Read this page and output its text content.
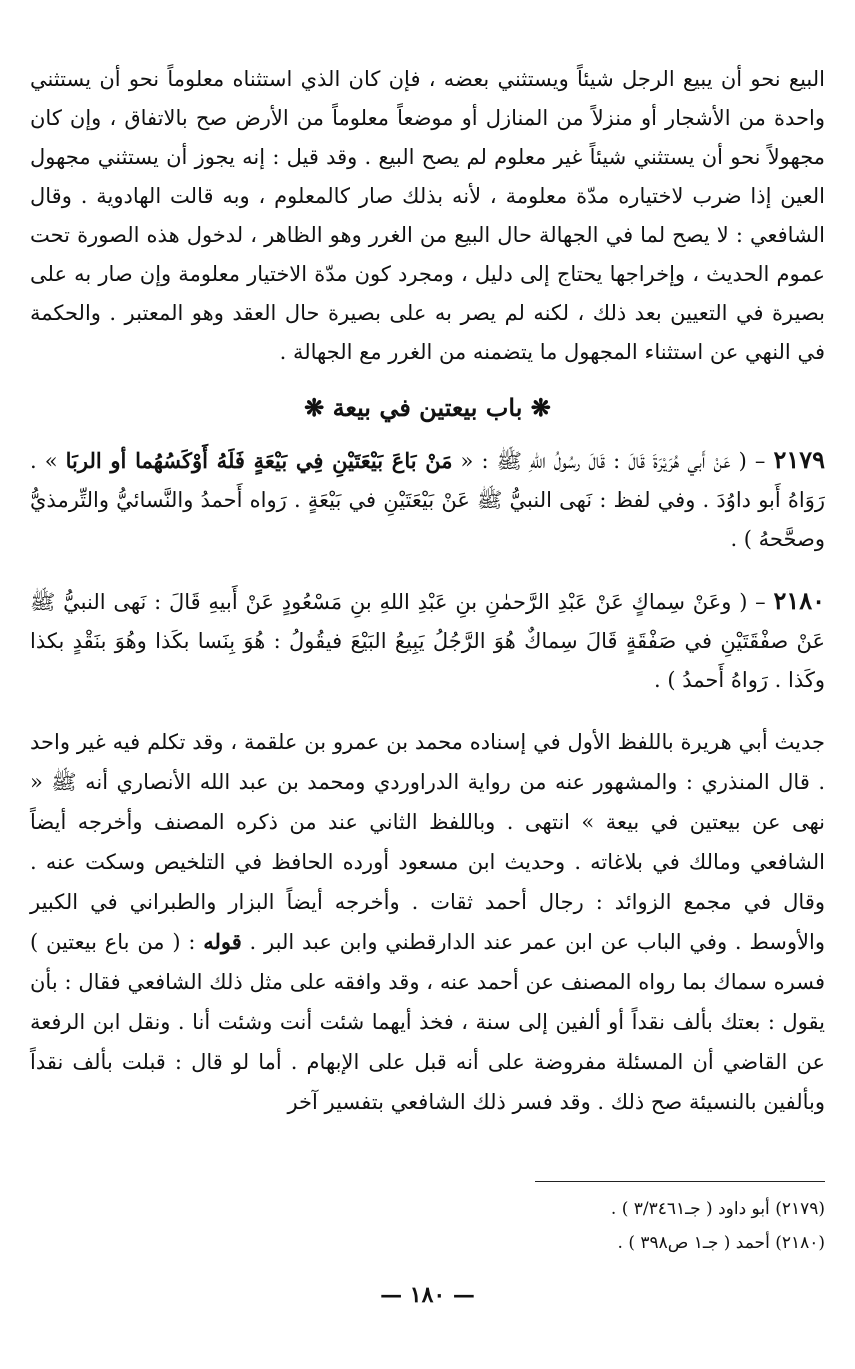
البيع نحو أن يبيع الرجل شيئاً ويستثني بعضه ، فإن كان الذي استثناه معلوماً نحو أن يستثني واحدة من الأشجار أو منزلاً من المنازل أو موضعاً معلوماً من الأرض صح بالاتفاق ، وإن كان مجهولاً نحو أن يستثني شيئاً غير معلوم لم يصح البيع . وقد قيل : إنه يجوز أن يستثني مجهول العين إذا ضرب لاختياره مدّة معلومة ، لأنه بذلك صار كالمعلوم ، وبه قالت الهادوية . وقال الشافعي : لا يصح لما في الجهالة حال البيع من الغرر وهو الظاهر ، لدخول هذه الصورة تحت عموم الحديث ، وإخراجها يحتاج إلى دليل ، ومجرد كون مدّة الاختيار معلومة وإن صار به على بصيرة في التعيين بعد ذلك ، لكنه لم يصر به على بصيرة حال العقد وهو المعتبر . والحكمة في النهي عن استثناء المجهول ما يتضمنه من الغرر مع الجهالة .

❋ باب بيعتين في بيعة ❋

٢١٧٩ – ( عَنْ أَبي هُرَيْرَةَ قَالَ : قَالَ رسُولُ اللهِ ﷺ : « مَنْ بَاعَ بَيْعَتَيْنِ فِي بَيْعَةٍ فَلَهُ أَوْكَسُهُما أو الربَا » . رَوَاهُ أَبو داوُدَ . وفي لفظ : نَهى النبيُّ ﷺ عَنْ بَيْعَتَيْنِ في بَيْعَةٍ . رَواه أَحمدُ والنَّسائيُّ والتِّرمذيُّ وصحَّحهُ ) .

٢١٨٠ – ( وعَنْ سِماكٍ عَنْ عَبْدِ الرَّحمٰنِ بنِ عَبْدِ اللهِ بنِ مَسْعُودٍ عَنْ أَبيهِ قَالَ : نَهى النبيُّ ﷺ عَنْ صفْقَتَيْنِ في صَفْقَةٍ قَالَ سِماكٌ هُوَ الرَّجُلُ يَبِيعُ البَيْعَ فيقُولُ : هُوَ بِنَسا بكَذا وهُوَ بنَقْدٍ بكذا وكَذا . رَواهُ أَحمدُ ) .

جديث أبي هريرة باللفظ الأول في إسناده محمد بن عمرو بن علقمة ، وقد تكلم فيه غير واحد . قال المنذري : والمشهور عنه من رواية الدراوردي ومحمد بن عبد الله الأنصاري أنه ﷺ « نهى عن بيعتين في بيعة » انتهى . وباللفظ الثاني عند من ذكره المصنف وأخرجه أيضاً الشافعي ومالك في بلاغاته . وحديث ابن مسعود أورده الحافظ في التلخيص وسكت عنه . وقال في مجمع الزوائد : رجال أحمد ثقات . وأخرجه أيضاً البزار والطبراني في الكبير والأوسط . وفي الباب عن ابن عمر عند الدارقطني وابن عبد البر . قوله : ( من باع بيعتين ) فسره سماك بما رواه المصنف عن أحمد عنه ، وقد وافقه على مثل ذلك الشافعي فقال : بأن يقول : بعتك بألف نقداً أو ألفين إلى سنة ، فخذ أيهما شئت أنت وشئت أنا . ونقل ابن الرفعة عن القاضي أن المسئلة مفروضة على أنه قبل على الإبهام . أما لو قال : قبلت بألف نقداً وبألفين بالنسيئة صح ذلك . وقد فسر ذلك الشافعي بتفسير آخر

(٢١٧٩) أبو داود ( جـ٣/٣٤٦١ ) .

(٢١٨٠) أحمد ( جـ١ ص٣٩٨ ) .

— ١٨٠ —
